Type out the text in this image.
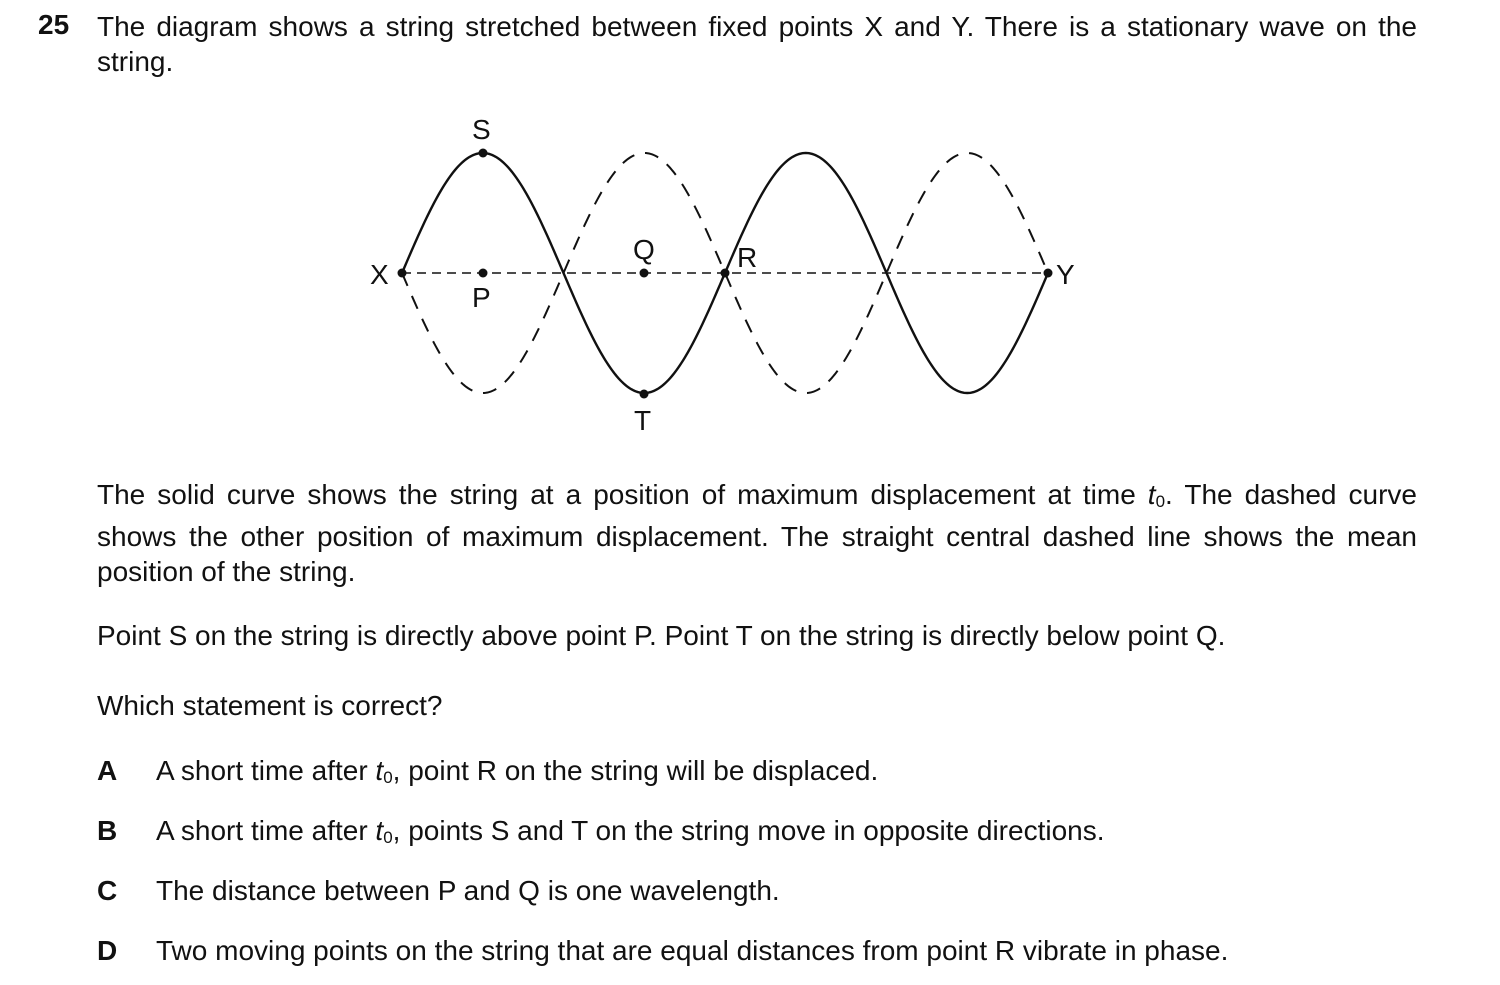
25 The diagram shows a string stretched between fixed points X and Y. There is a stationary wave on the string.
X	Y
S
P
Q	R
T
The solid curve shows the string at a position of maximum displacement at time $t_0$. The dashed curve shows the other position of maximum displacement. The straight central dashed line shows the mean position of the string.
Point S on the string is directly above point P. Point T on the string is directly below point Q.
Which statement is correct?
A A short time after $t_0$, point R on the string will be displaced.
B A short time after $t_0$, points S and T on the string move in opposite directions.
C The distance between P and Q is one wavelength.
D Two moving points on the string that are equal distances from point R vibrate in phase.
